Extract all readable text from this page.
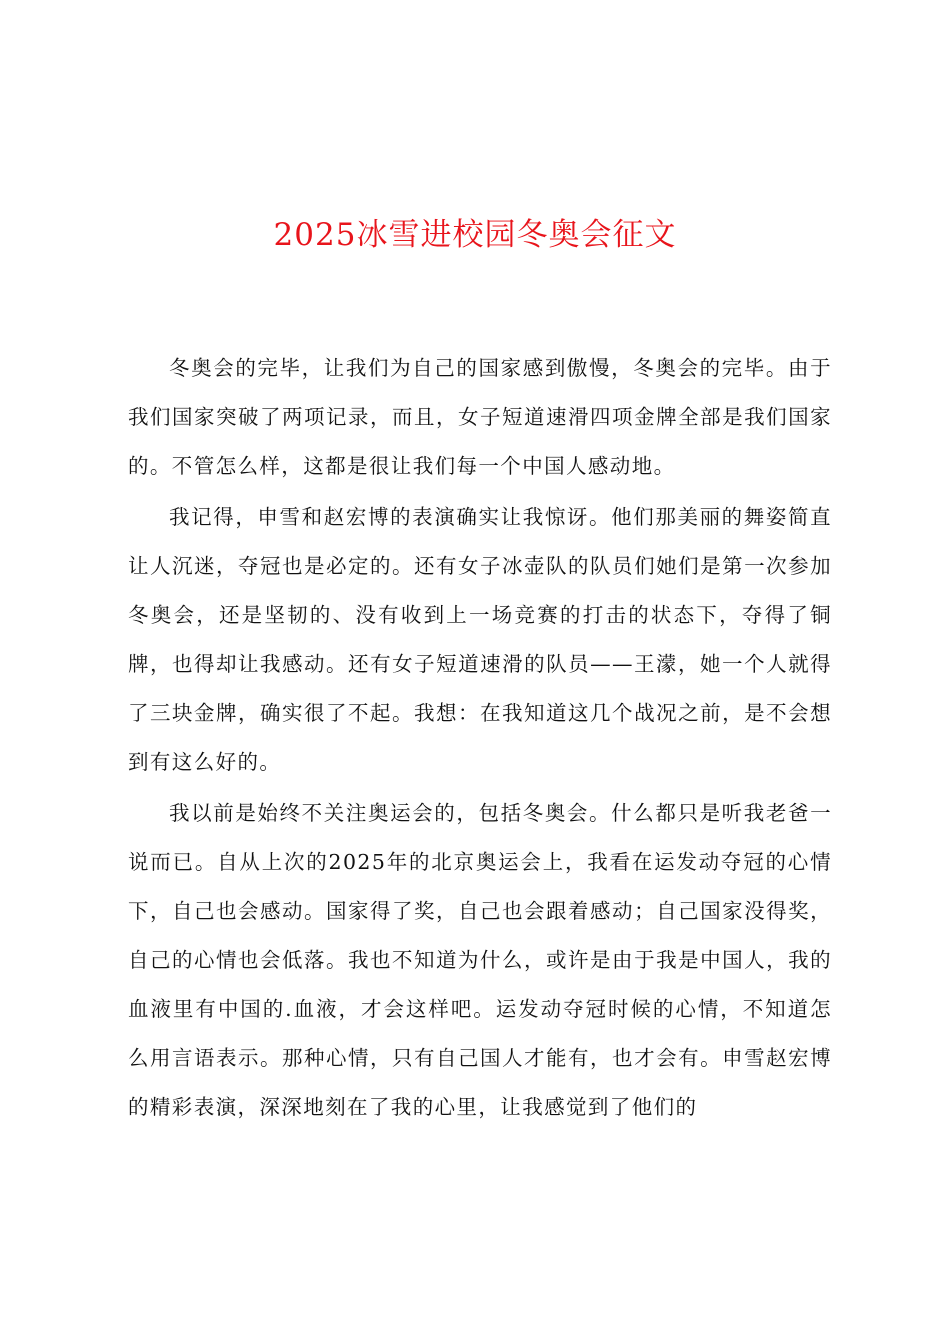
2025冰雪进校园冬奥会征文

冬奥会的完毕，让我们为自己的国家感到傲慢，冬奥会的完毕。由于我们国家突破了两项记录，而且，女子短道速滑四项金牌全部是我们国家的。不管怎么样，这都是很让我们每一个中国人感动地。

我记得，申雪和赵宏博的表演确实让我惊讶。他们那美丽的舞姿简直让人沉迷，夺冠也是必定的。还有女子冰壶队的队员们她们是第一次参加冬奥会，还是坚韧的、没有收到上一场竞赛的打击的状态下，夺得了铜牌，也得却让我感动。还有女子短道速滑的队员——王濛，她一个人就得了三块金牌，确实很了不起。我想：在我知道这几个战况之前，是不会想到有这么好的。

我以前是始终不关注奥运会的，包括冬奥会。什么都只是听我老爸一说而已。自从上次的2025年的北京奥运会上，我看在运发动夺冠的心情下，自己也会感动。国家得了奖，自己也会跟着感动；自己国家没得奖，自己的心情也会低落。我也不知道为什么，或许是由于我是中国人，我的血液里有中国的.血液，才会这样吧。运发动夺冠时候的心情，不知道怎么用言语表示。那种心情，只有自己国人才能有，也才会有。申雪赵宏博的精彩表演，深深地刻在了我的心里，让我感觉到了他们的
